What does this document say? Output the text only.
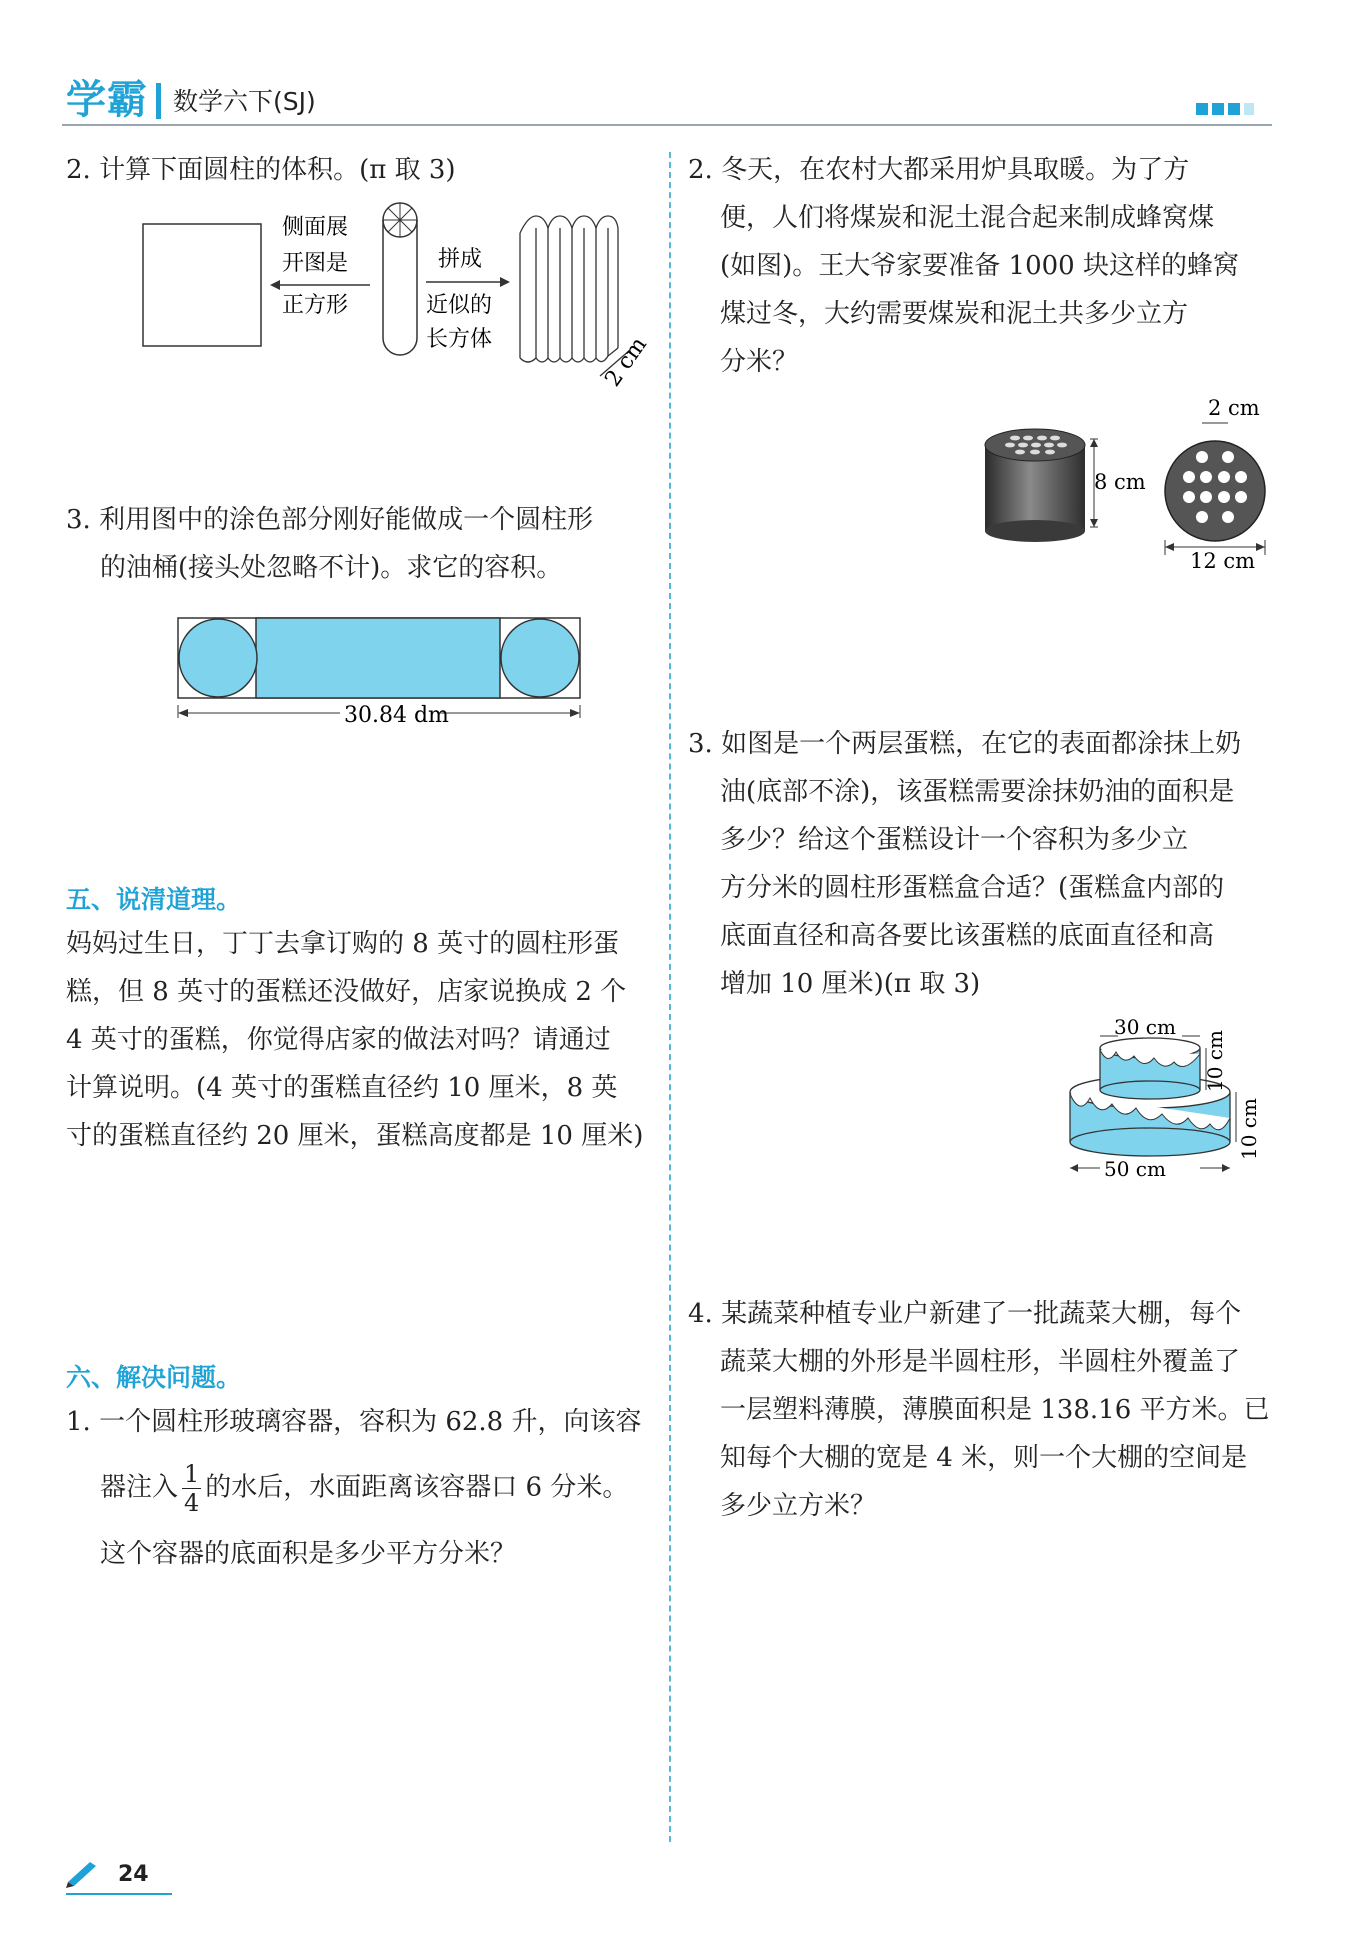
学霸 数学六下(SJ)
2. 计算下面圆柱的体积。(π 取 3)
侧面展
开图是
正方形
拼成
近似的
长方体	2 cm
3. 利用图中的涂色部分刚好能做成一个圆柱形
的油桶(接头处忽略不计)。求它的容积。
30.84 dm
五、说清道理。
妈妈过生日，丁丁去拿订购的 8 英寸的圆柱形蛋
糕，但 8 英寸的蛋糕还没做好，店家说换成 2 个
4 英寸的蛋糕，你觉得店家的做法对吗？请通过
计算说明。(4 英寸的蛋糕直径约 10 厘米，8 英
寸的蛋糕直径约 20 厘米，蛋糕高度都是 10 厘米)
六、解决问题。
1. 一个圆柱形玻璃容器，容积为 62.8 升，向该容
器注入 $\frac{1}{4}$ 的水后，水面距离该容器口 6 分米。
这个容器的底面积是多少平方分米？
2. 冬天，在农村大都采用炉具取暖。为了方
便，人们将煤炭和泥土混合起来制成蜂窝煤
(如图)。王大爷家要准备 1000 块这样的蜂窝
煤过冬，大约需要煤炭和泥土共多少立方
分米？
8 cm
2 cm
12 cm
3. 如图是一个两层蛋糕，在它的表面都涂抹上奶
油(底部不涂)，该蛋糕需要涂抹奶油的面积是
多少？给这个蛋糕设计一个容积为多少立
方分米的圆柱形蛋糕盒合适？(蛋糕盒内部的
底面直径和高各要比该蛋糕的底面直径和高
增加 10 厘米)(π 取 3)
30 cm
50 cm
10 cm
10 cm
4. 某蔬菜种植专业户新建了一批蔬菜大棚，每个
蔬菜大棚的外形是半圆柱形，半圆柱外覆盖了
一层塑料薄膜，薄膜面积是 138.16 平方米。已
知每个大棚的宽是 4 米，则一个大棚的空间是
多少立方米？
24
